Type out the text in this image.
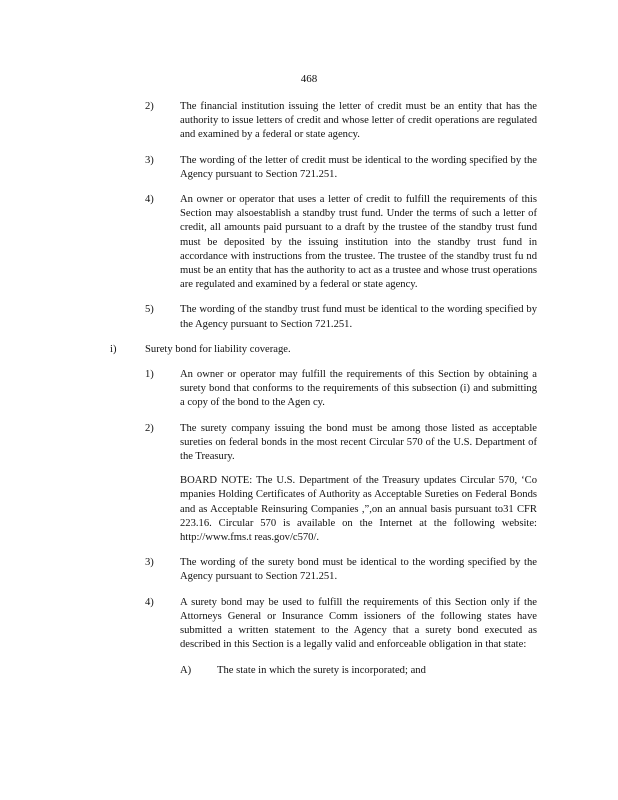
468
2) The financial institution issuing the letter of credit must be an entity that has the authority to issue letters of credit and whose letter of credit operations are regulated and examined by a federal or state agency.
3) The wording of the letter of credit must be identical to the wording specified by the Agency pursuant to Section 721.251.
4) An owner or operator that uses a letter of credit to fulfill the requirements of this Section may alsoestablish a standby trust fund. Under the terms of such a letter of credit, all amounts paid pursuant to a draft by the trustee of the standby trust fund must be deposited by the issuing institution into the standby trust fund in accordance with instructions from the trustee. The trustee of the standby trust fu nd must be an entity that has the authority to act as a trustee and whose trust operations are regulated and examined by a federal or state agency.
5) The wording of the standby trust fund must be identical to the wording specified by the Agency pursuant to Section 721.251.
i)	Surety bond for liability coverage.
1) An owner or operator may fulfill the requirements of this Section by obtaining a surety bond that conforms to the requirements of this subsection (i) and submitting a copy of the bond to the Agen cy.
2) The surety company issuing the bond must be among those listed as acceptable sureties on federal bonds in the most recent Circular 570 of the U.S. Department of the Treasury.
BOARD NOTE: The U.S. Department of the Treasury updates Circular 570, ‘Co mpanies Holding Certificates of Authority as Acceptable Sureties on Federal Bonds and as Acceptable Reinsuring Companies ,”,on an annual basis pursuant to31 CFR 223.16. Circular 570 is available on the Internet at the following website: http://www.fms.t reas.gov/c570/.
3) The wording of the surety bond must be identical to the wording specified by the Agency pursuant to Section 721.251.
4) A surety bond may be used to fulfill the requirements of this Section only if the Attorneys General or Insurance Comm issioners of the following states have submitted a written statement to the Agency that a surety bond executed as described in this Section is a legally valid and enforceable obligation in that state:
A) The state in which the surety is incorporated; and
